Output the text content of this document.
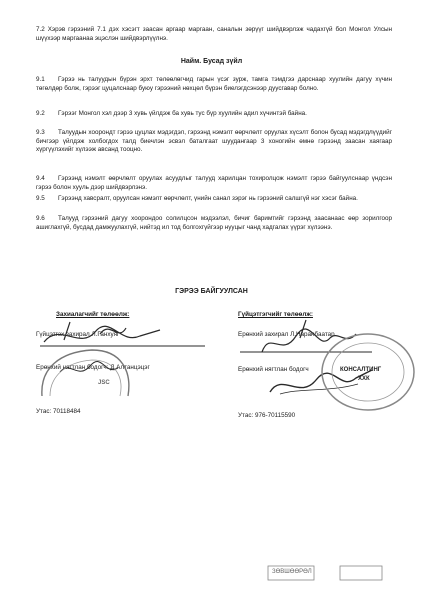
7.2 Хэрэв гэрээний 7.1 дэх хэсэгт заасан аргаар маргаан, саналын зөрүүг шийдвэрлэж чадахгүй бол Монгол Улсын шүүхээр маргаанаа эцэслэн шийдвэрлүүлнэ.

Найм. Бусад зүйл

9.1 Гэрээ нь талуудын бүрэн эрхт төлөөлөгчид гарын үсэг зурж, тамга тэмдгээ дарснаар хуулийн дагуу хүчин төгөлдөр болж, гэрээг цуцалснаар буюу гэрээний нөхцөл бүрэн биелэгдсэнээр дуусгавар болно.

9.2 Гэрээг Монгол хэл дээр 3 хувь үйлдэж ба хувь тус бүр хуулийн адил хүчинтэй байна.

9.3 Талуудын хоорондт гэрээ цуцлах мэдэгдэл, гэрээнд нэмэлт өөрчлөлт оруулах хүсэлт болон бусад мэдэгдлүүдийг бичгээр үйлдэж холбогдох талд биечлэн эсвэл баталгаат шуудангаар 3 хоногийн өмнө гэрээнд заасан хаягаар хүргүүлэхийг хүлээж авсанд тооцно.

9.4 Гэрээнд нэмэлт өөрчлөлт оруулах асуудлыг талууд харилцан тохиролцож нэмэлт гэрээ байгуулснаар үндсэн гэрээ болон хууль дээр шийдвэрлэнэ.

9.5 Гэрээнд хавсралт, оруулсан нэмэлт өөрчлөлт, үнийн санал зэрэг нь гэрээний салшгүй нэг хэсэг байна.

9.6 Талууд гэрээний дагуу хоорондоо солилцсон мэдээлэл, бичиг баримтийг гэрээнд заасанаас өөр зорилгоор ашиглахгүй, бусдад дамжуулахгүй, нийтэд ил тод болгохгүйгээр нууцыг чанд хадгалах үүрэг хүлээнэ.

ГЭРЭЭ БАЙГУУЛСАН

Захиалагчийг төлөөлж:

Гүйцэтгэх захирал Л.Ганхуяг

Ерөнхий нягтлан бодогч: Д.Алтанцэцэг

Утас: 70118484

Гүйцэтгэгчийг төлөөлж:

Ерөнхий захирал Л.Наранбаатар

Ерөнхий нягтлан бодогч

Утас: 976-70115590

JSC
КОНСАЛТИНГ
ХХК
ЗӨВШӨӨРӨЛ
